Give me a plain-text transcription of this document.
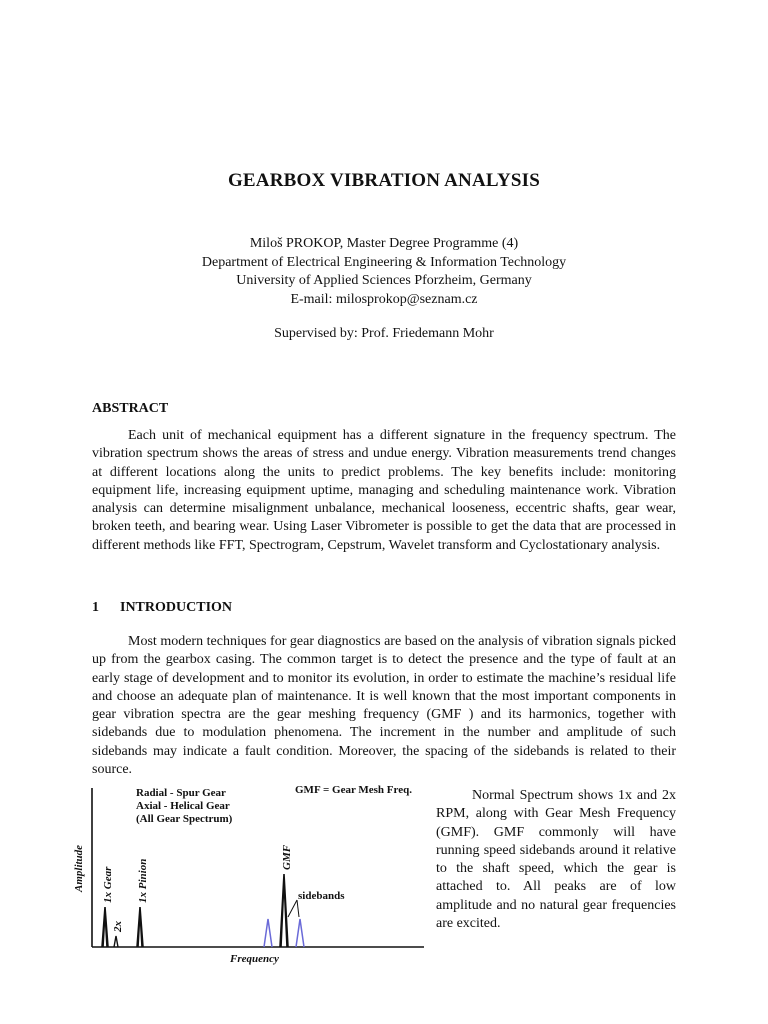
GEARBOX VIBRATION ANALYSIS
Miloš PROKOP, Master Degree Programme (4)
Department of Electrical Engineering & Information Technology
University of Applied Sciences Pforzheim, Germany
E-mail: milosprokop@seznam.cz
Supervised by: Prof. Friedemann Mohr
ABSTRACT

Each unit of mechanical equipment has a different signature in the frequency spectrum. The vibration spectrum shows the areas of stress and undue energy. Vibration measurements trend changes at different locations along the units to predict problems. The key benefits include: monitoring equipment life, increasing equipment uptime, managing and scheduling maintenance work. Vibration analysis can determine misalignment unbalance, mechanical looseness, eccentric shafts, gear wear, broken teeth, and bearing wear. Using Laser Vibrometer is possible to get the data that are processed in different methods like FFT, Spectrogram, Cepstrum, Wavelet transform and Cyclostationary analysis.

1 INTRODUCTION

Most modern techniques for gear diagnostics are based on the analysis of vibration signals picked up from the gearbox casing. The common target is to detect the presence and the type of fault at an early stage of development and to monitor its evolution, in order to estimate the machine’s residual life and choose an adequate plan of maintenance. It is well known that the most important components in gear vibration spectra are the gear meshing frequency (GMF ) and its harmonics, together with sidebands due to modulation phenomena. The increment in the number and amplitude of such sidebands may indicate a fault condition. Moreover, the spacing of the sidebands is related to their source.

Amplitude
Frequency
Radial - Spur Gear
Axial - Helical Gear
(All Gear Spectrum)
GMF = Gear Mesh Freq.
1x Gear
2x
1x Pinion
GMF
sidebands

Normal Spectrum shows 1x and 2x RPM, along with Gear Mesh Frequency (GMF). GMF commonly will have running speed sidebands around it relative to the shaft speed, which the gear is attached to. All peaks are of low amplitude and no natural gear frequencies are excited.
